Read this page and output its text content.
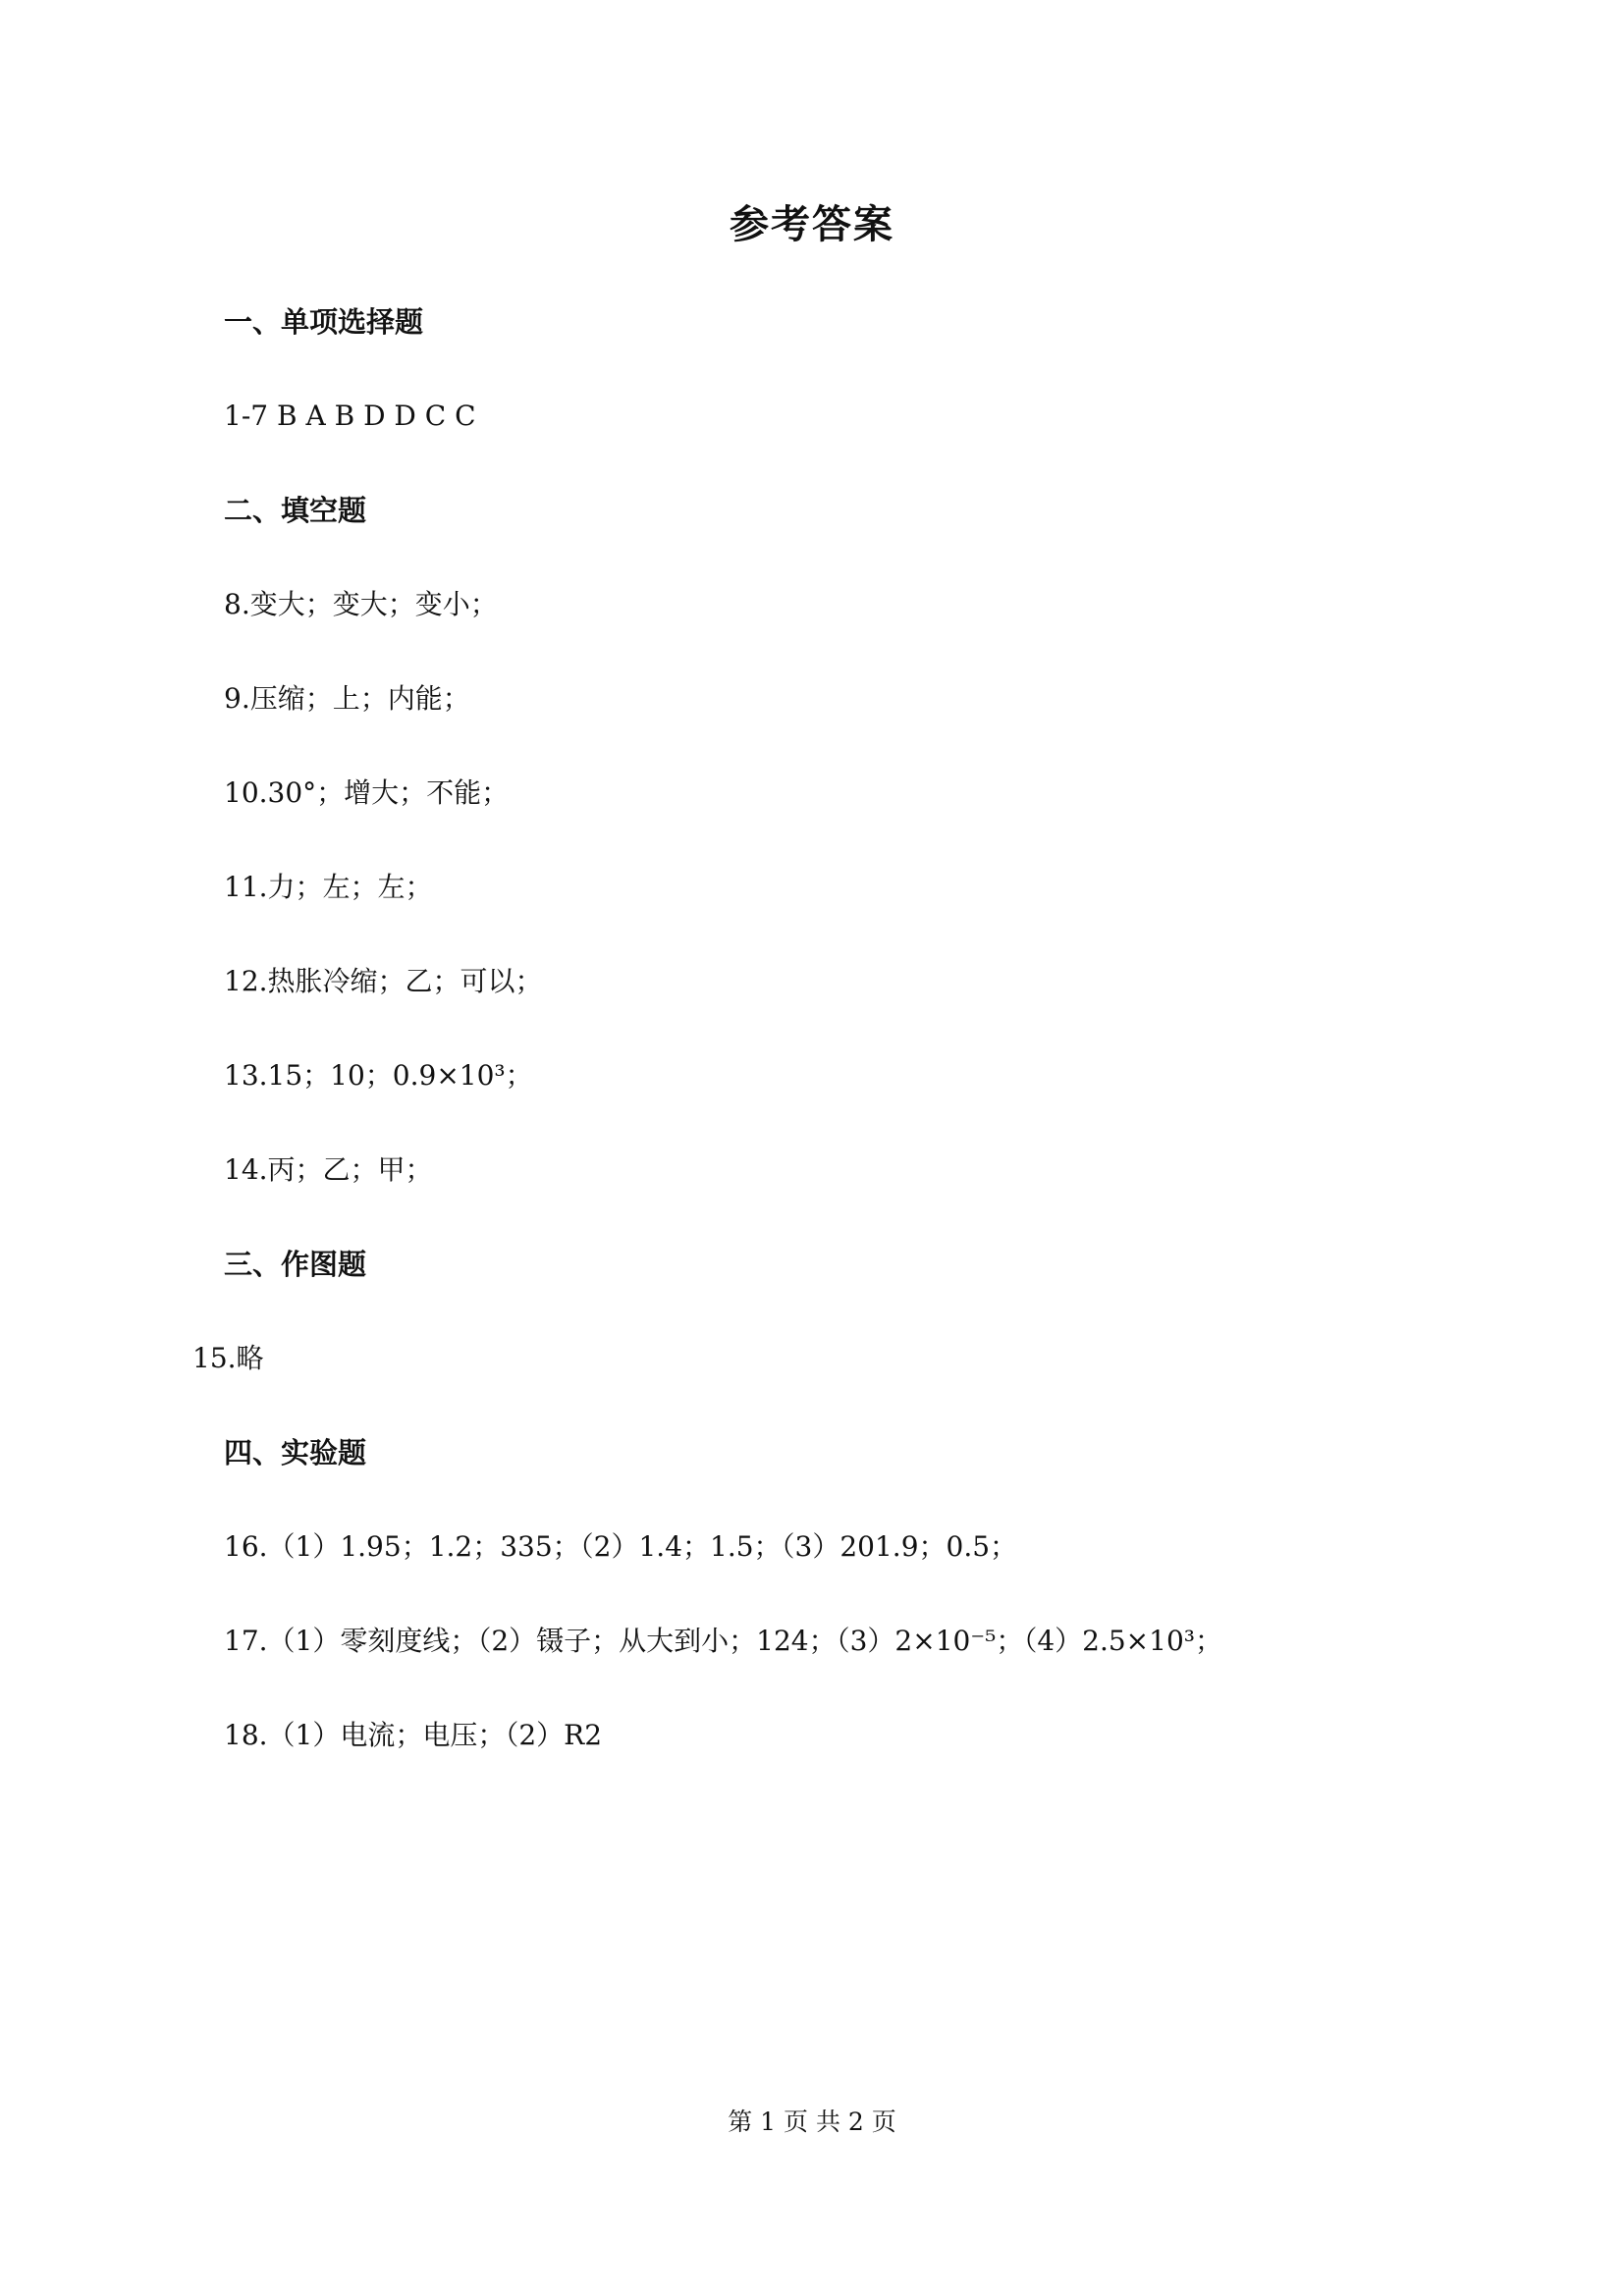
参考答案
一、单项选择题
1-7 B A B D D C C
二、填空题
8.变大；变大；变小；
9.压缩；上；内能；
10.30°；增大；不能；
11.力；左；左；
12.热胀冷缩；乙；可以；
13.15；10；0.9×10³；
14.丙；乙；甲；
三、作图题
15.略
四、实验题
16.（1）1.95；1.2；335；（2）1.4；1.5；（3）201.9；0.5；
17.（1）零刻度线；（2）镊子；从大到小；124；（3）2×10⁻⁵；（4）2.5×10³；
18.（1）电流；电压；（2）R2
第 1 页 共 2 页
